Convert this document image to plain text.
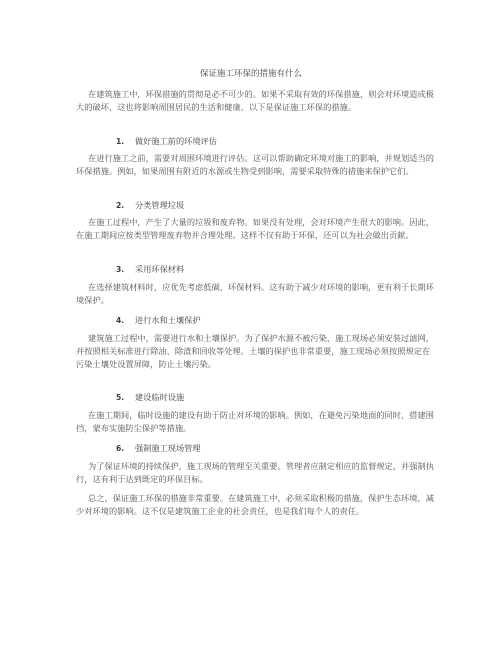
保证施工环保的措施有什么
在建筑施工中，环保措施的贯彻是必不可少的。如果不采取有效的环保措施，则会对环境造成极大的破坏，这也将影响周围居民的生活和健康。以下是保证施工环保的措施。
1. 做好施工前的环境评估
在进行施工之前，需要对周围环境进行评估。这可以帮助确定环境对施工的影响，并规划适当的环保措施。例如，如果周围有附近的水源或生物受到影响，需要采取特殊的措施来保护它们。
2. 分类管理垃圾
在施工过程中，产生了大量的垃圾和废弃物。如果没有处理，会对环境产生很大的影响。因此，在施工期间应按类型管理废弃物并合理处理。这样不仅有助于环保，还可以为社会做出贡献。
3. 采用环保材料
在选择建筑材料时，应优先考虑低碳、环保材料。这有助于减少对环境的影响，更有利于长期环境保护。
4. 进行水和土壤保护
建筑施工过程中，需要进行水和土壤保护。为了保护水源不被污染，施工现场必须安装过滤网，并按照相关标准进行除油、除渣和回收等处理。土壤的保护也非常重要，施工现场必须按照规定在污染土壤处设置屏障，防止土壤污染。
5. 建设临时设施
在施工期间，临时设施的建设有助于防止对环境的影响。例如，在避免污染地面的同时，搭建围挡，蒙布实施防尘保护等措施。
6. 强制施工现场管理
为了保证环境的持续保护，施工现场的管理至关重要。管理者应制定相应的监督规定，并强制执行，这有利于达到既定的环保目标。
总之，保证施工环保的措施非常重要。在建筑施工中，必须采取积极的措施，保护生态环境，减少对环境的影响。这不仅是建筑施工企业的社会责任，也是我们每个人的责任。
